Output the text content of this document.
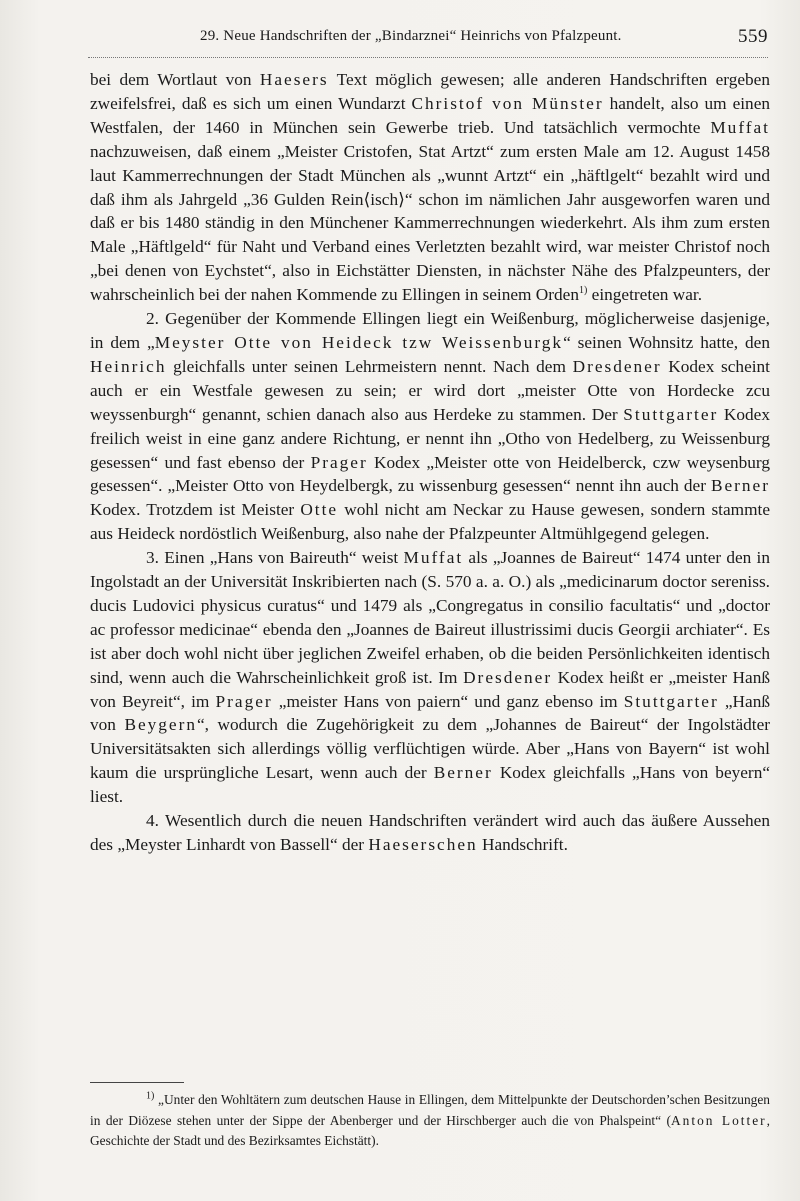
29. Neue Handschriften der „Bindarznei“ Heinrichs von Pfalzpeunt.	559

bei dem Wortlaut von Haesers Text möglich gewesen; alle anderen Handschriften ergeben zweifelsfrei, daß es sich um einen Wundarzt Christof von Münster handelt, also um einen Westfalen, der 1460 in München sein Gewerbe trieb. Und tatsächlich vermochte Muffat nachzuweisen, daß einem „Meister Cristofen, Stat Artzt“ zum ersten Male am 12. August 1458 laut Kammerrechnungen der Stadt München als „wunnt Artzt“ ein „häftlgelt“ bezahlt wird und daß ihm als Jahrgeld „36 Gulden Rein⟨isch⟩“ schon im nämlichen Jahr ausgeworfen waren und daß er bis 1480 ständig in den Münchener Kammerrechnungen wiederkehrt. Als ihm zum ersten Male „Häftlgeld“ für Naht und Verband eines Verletzten bezahlt wird, war meister Christof noch „bei denen von Eychstet“, also in Eichstätter Diensten, in nächster Nähe des Pfalzpeunters, der wahrscheinlich bei der nahen Kommende zu Ellingen in seinem Orden$^{1)}$ eingetreten war.

2. Gegenüber der Kommende Ellingen liegt ein Weißenburg, möglicherweise dasjenige, in dem „Meyster Otte von Heideck tzw Weissenburgk“ seinen Wohnsitz hatte, den Heinrich gleichfalls unter seinen Lehrmeistern nennt. Nach dem Dresdener Kodex scheint auch er ein Westfale gewesen zu sein; er wird dort „meister Otte von Hordecke zcu weyssenburgh“ genannt, schien danach also aus Herdeke zu stammen. Der Stuttgarter Kodex freilich weist in eine ganz andere Richtung, er nennt ihn „Otho von Hedelberg, zu Weissenburg gesessen“ und fast ebenso der Prager Kodex „Meister otte von Heidelberck, czw weysenburg gesessen“. „Meister Otto von Heydelbergk, zu wissenburg gesessen“ nennt ihn auch der Berner Kodex. Trotzdem ist Meister Otte wohl nicht am Neckar zu Hause gewesen, sondern stammte aus Heideck nordöstlich Weißenburg, also nahe der Pfalzpeunter Altmühlgegend gelegen.

3. Einen „Hans von Baireuth“ weist Muffat als „Joannes de Baireut“ 1474 unter den in Ingolstadt an der Universität Inskribierten nach (S. 570 a. a. O.) als „medicinarum doctor sereniss. ducis Ludovici physicus curatus“ und 1479 als „Congregatus in consilio facultatis“ und „doctor ac professor medicinae“ ebenda den „Joannes de Baireut illustrissimi ducis Georgii archiater“. Es ist aber doch wohl nicht über jeglichen Zweifel erhaben, ob die beiden Persönlichkeiten identisch sind, wenn auch die Wahrscheinlichkeit groß ist. Im Dresdener Kodex heißt er „meister Hanß von Beyreit“, im Prager „meister Hans von paiern“ und ganz ebenso im Stuttgarter „Hanß von Beygern“, wodurch die Zugehörigkeit zu dem „Johannes de Baireut“ der Ingolstädter Universitätsakten sich allerdings völlig verflüchtigen würde. Aber „Hans von Bayern“ ist wohl kaum die ursprüngliche Lesart, wenn auch der Berner Kodex gleichfalls „Hans von beyern“ liest.

4. Wesentlich durch die neuen Handschriften verändert wird auch das äußere Aussehen des „Meyster Linhardt von Bassell“ der Haeserschen Handschrift.

$^{1)}$ „Unter den Wohltätern zum deutschen Hause in Ellingen, dem Mittelpunkte der Deutschorden’schen Besitzungen in der Diözese stehen unter der Sippe der Abenberger und der Hirschberger auch die von Phalspeint“ (Anton Lotter, Geschichte der Stadt und des Bezirksamtes Eichstätt).
